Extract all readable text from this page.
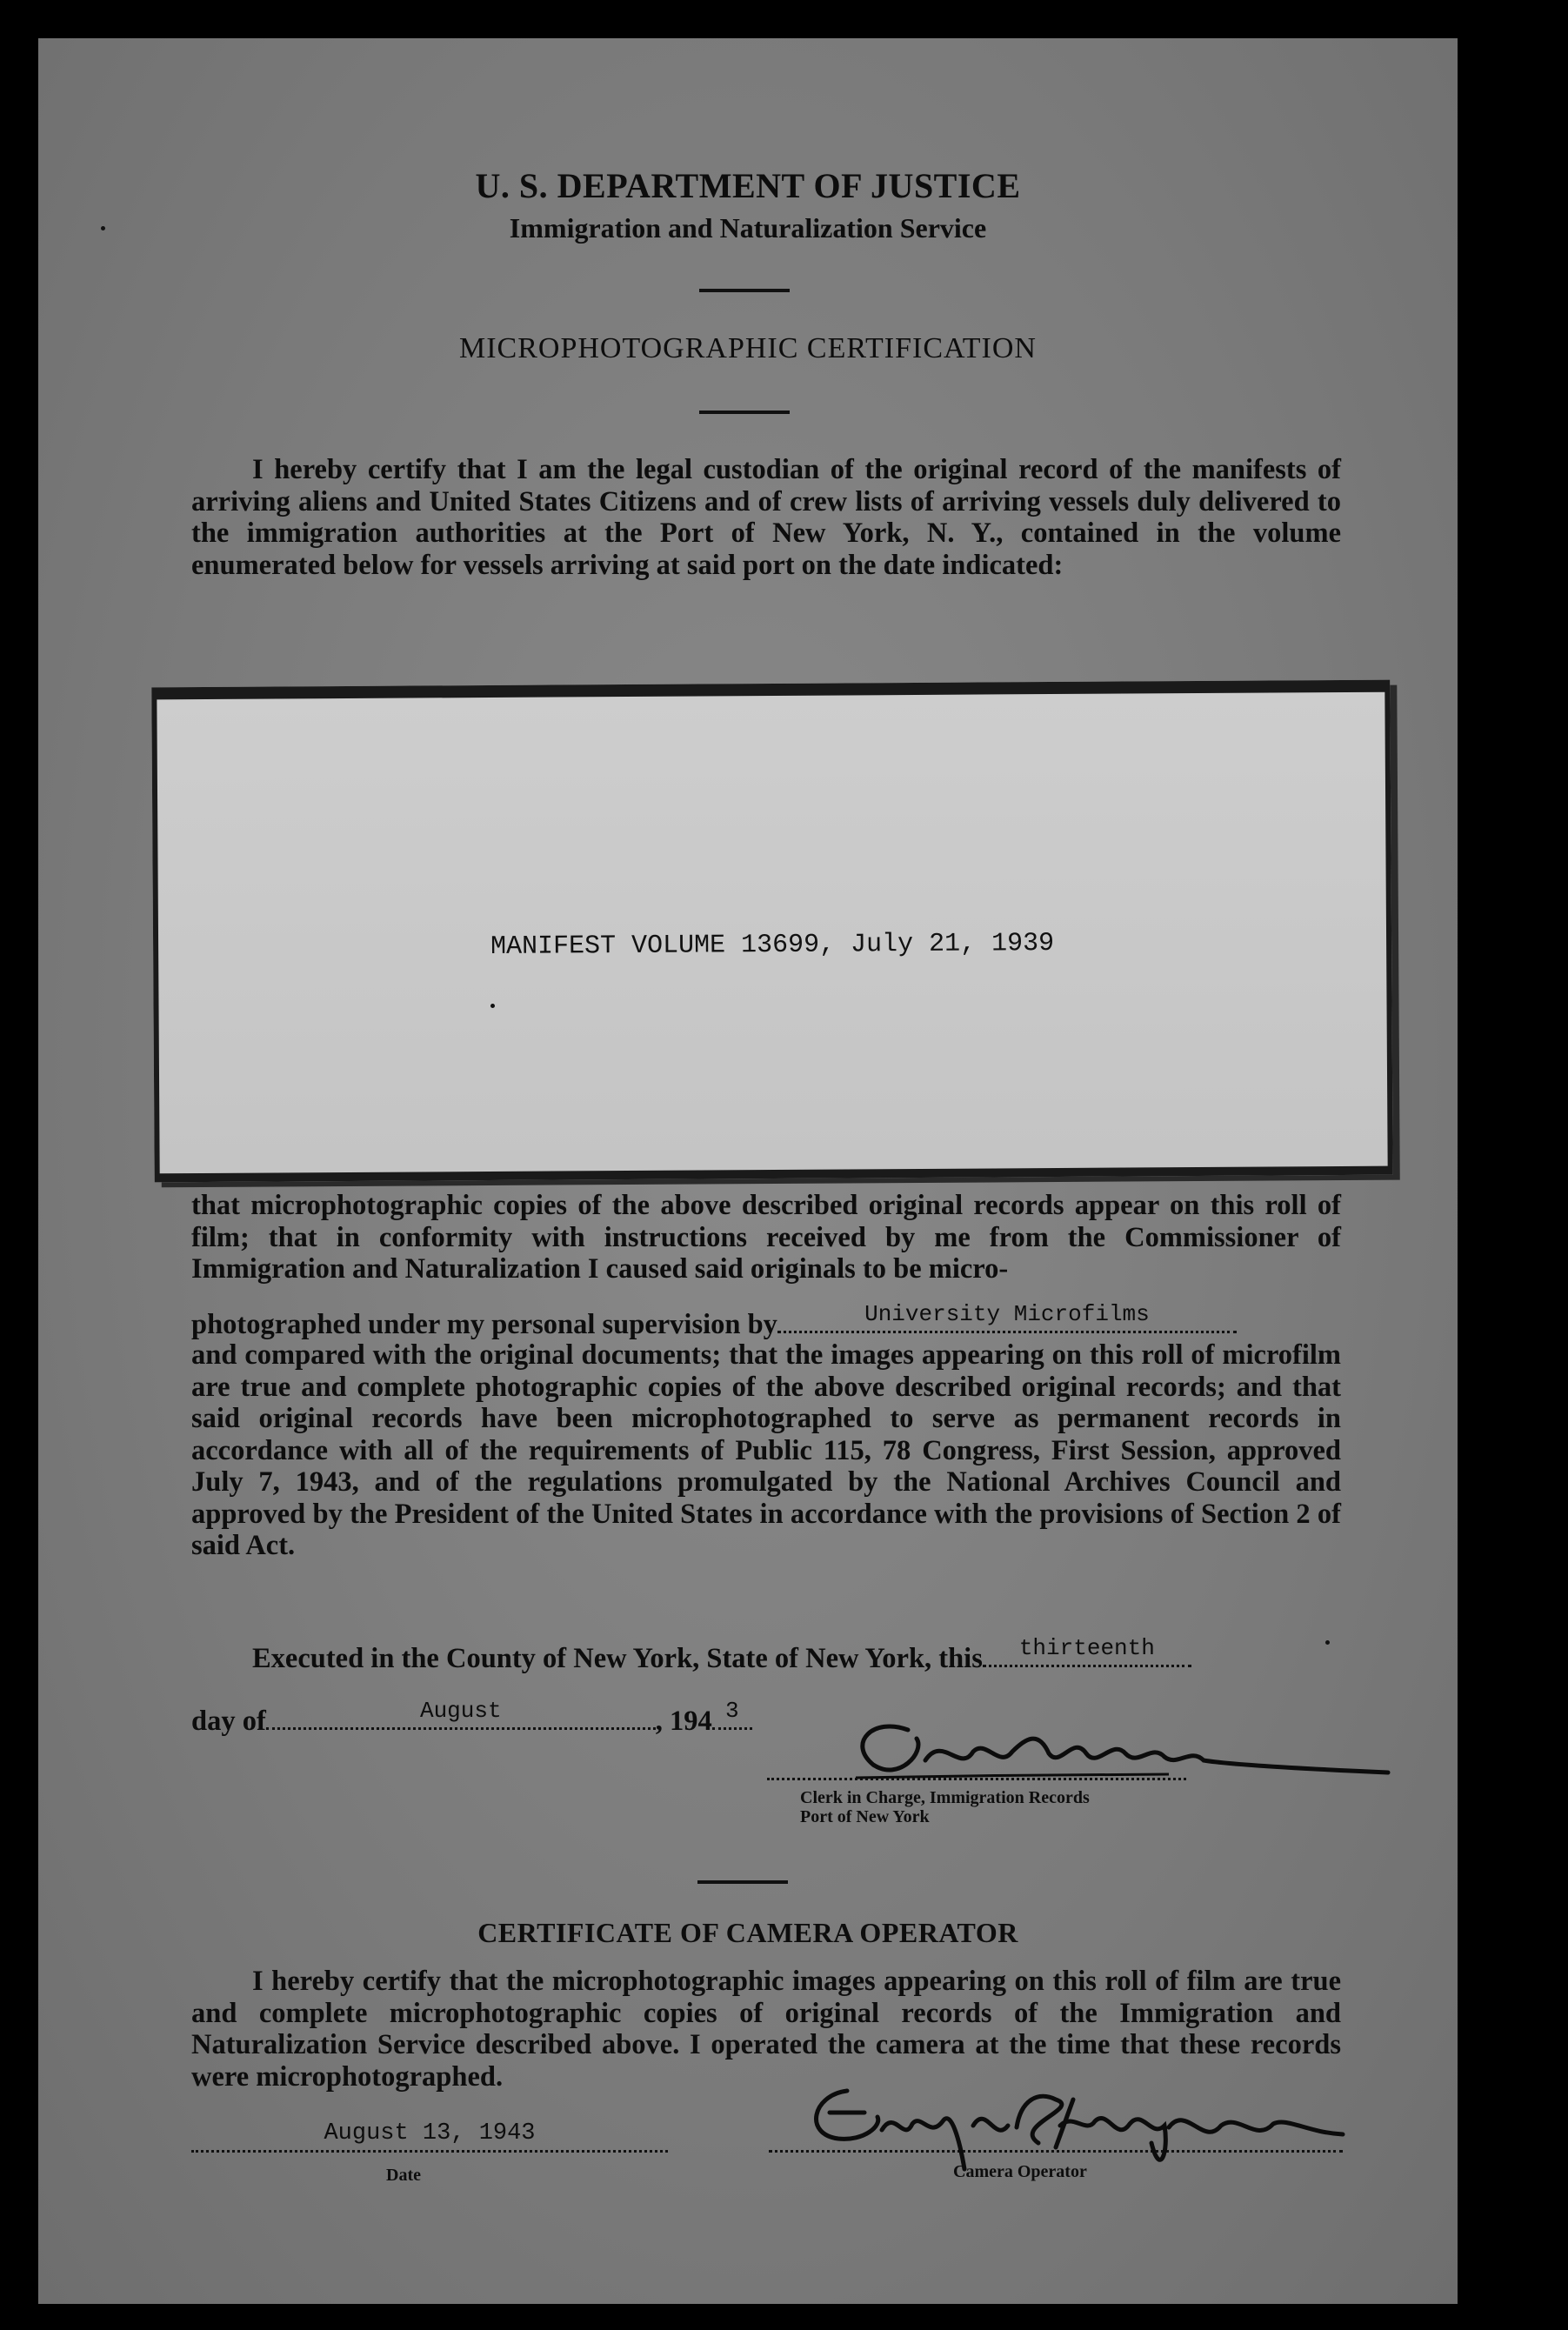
U. S. DEPARTMENT OF JUSTICE
Immigration and Naturalization Service
MICROPHOTOGRAPHIC CERTIFICATION

I hereby certify that I am the legal custodian of the original record of the manifests of arriving aliens and United States Citizens and of crew lists of arriving vessels duly delivered to the immigration authorities at the Port of New York, N. Y., contained in the volume enumerated below for vessels arriving at said port on the date indicated:

MANIFEST VOLUME 13699, July 21, 1939

that microphotographic copies of the above described original records appear on this roll of film; that in conformity with instructions received by me from the Commissioner of Immigration and Naturalization I caused said originals to be micro-

photographed under my personal supervision by	University Microfilms

and compared with the original documents; that the images appearing on this roll of microfilm are true and complete photographic copies of the above described original records; and that said original records have been microphotographed to serve as permanent records in accordance with all of the requirements of Public 115, 78 Congress, First Session, approved July 7, 1943, and of the regulations promulgated by the National Archives Council and approved by the President of the United States in accordance with the provisions of Section 2 of said Act.

Executed in the County of New York, State of New York, this	thirteenth
day of	August	, 194 3
Clerk in Charge, Immigration Records
Port of New York
CERTIFICATE OF CAMERA OPERATOR

I hereby certify that the microphotographic images appearing on this roll of film are true and complete microphotographic copies of original records of the Immigration and Naturalization Service described above. I operated the camera at the time that these records were microphotographed.

August 13, 1943
Date	Camera Operator
